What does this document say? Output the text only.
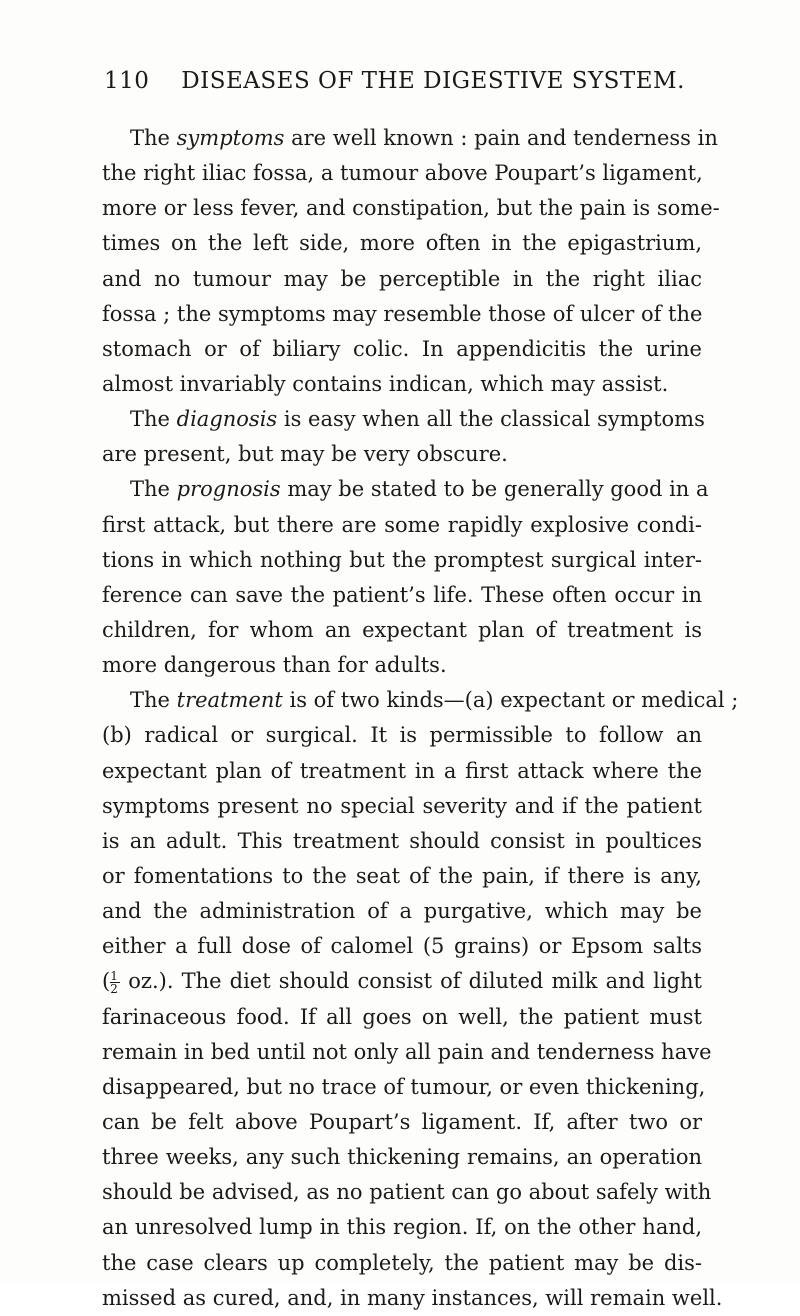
110 DISEASES OF THE DIGESTIVE SYSTEM.
The symptoms are well known : pain and tenderness in
the right iliac fossa, a tumour above Poupart’s ligament,
more or less fever, and constipation, but the pain is some-
times on the left side, more often in the epigastrium,
and no tumour may be perceptible in the right iliac
fossa ; the symptoms may resemble those of ulcer of the
stomach or of biliary colic. In appendicitis the urine
almost invariably contains indican, which may assist.
The diagnosis is easy when all the classical symptoms
are present, but may be very obscure.
The prognosis may be stated to be generally good in a
first attack, but there are some rapidly explosive condi-
tions in which nothing but the promptest surgical inter-
ference can save the patient’s life. These often occur in
children, for whom an expectant plan of treatment is
more dangerous than for adults.
The treatment is of two kinds—(a) expectant or medical ;
(b) radical or surgical. It is permissible to follow an
expectant plan of treatment in a first attack where the
symptoms present no special severity and if the patient
is an adult. This treatment should consist in poultices
or fomentations to the seat of the pain, if there is any,
and the administration of a purgative, which may be
either a full dose of calomel (5 grains) or Epsom salts
( $\frac{1}{2} oz$.). The diet should consist of diluted milk and light
farinaceous food. If all goes on well, the patient must
remain in bed until not only all pain and tenderness have
disappeared, but no trace of tumour, or even thickening,
can be felt above Poupart’s ligament. If, after two or
three weeks, any such thickening remains, an operation
should be advised, as no patient can go about safely with
an unresolved lump in this region. If, on the other hand,
the case clears up completely, the patient may be dis-
missed as cured, and, in many instances, will remain well.
